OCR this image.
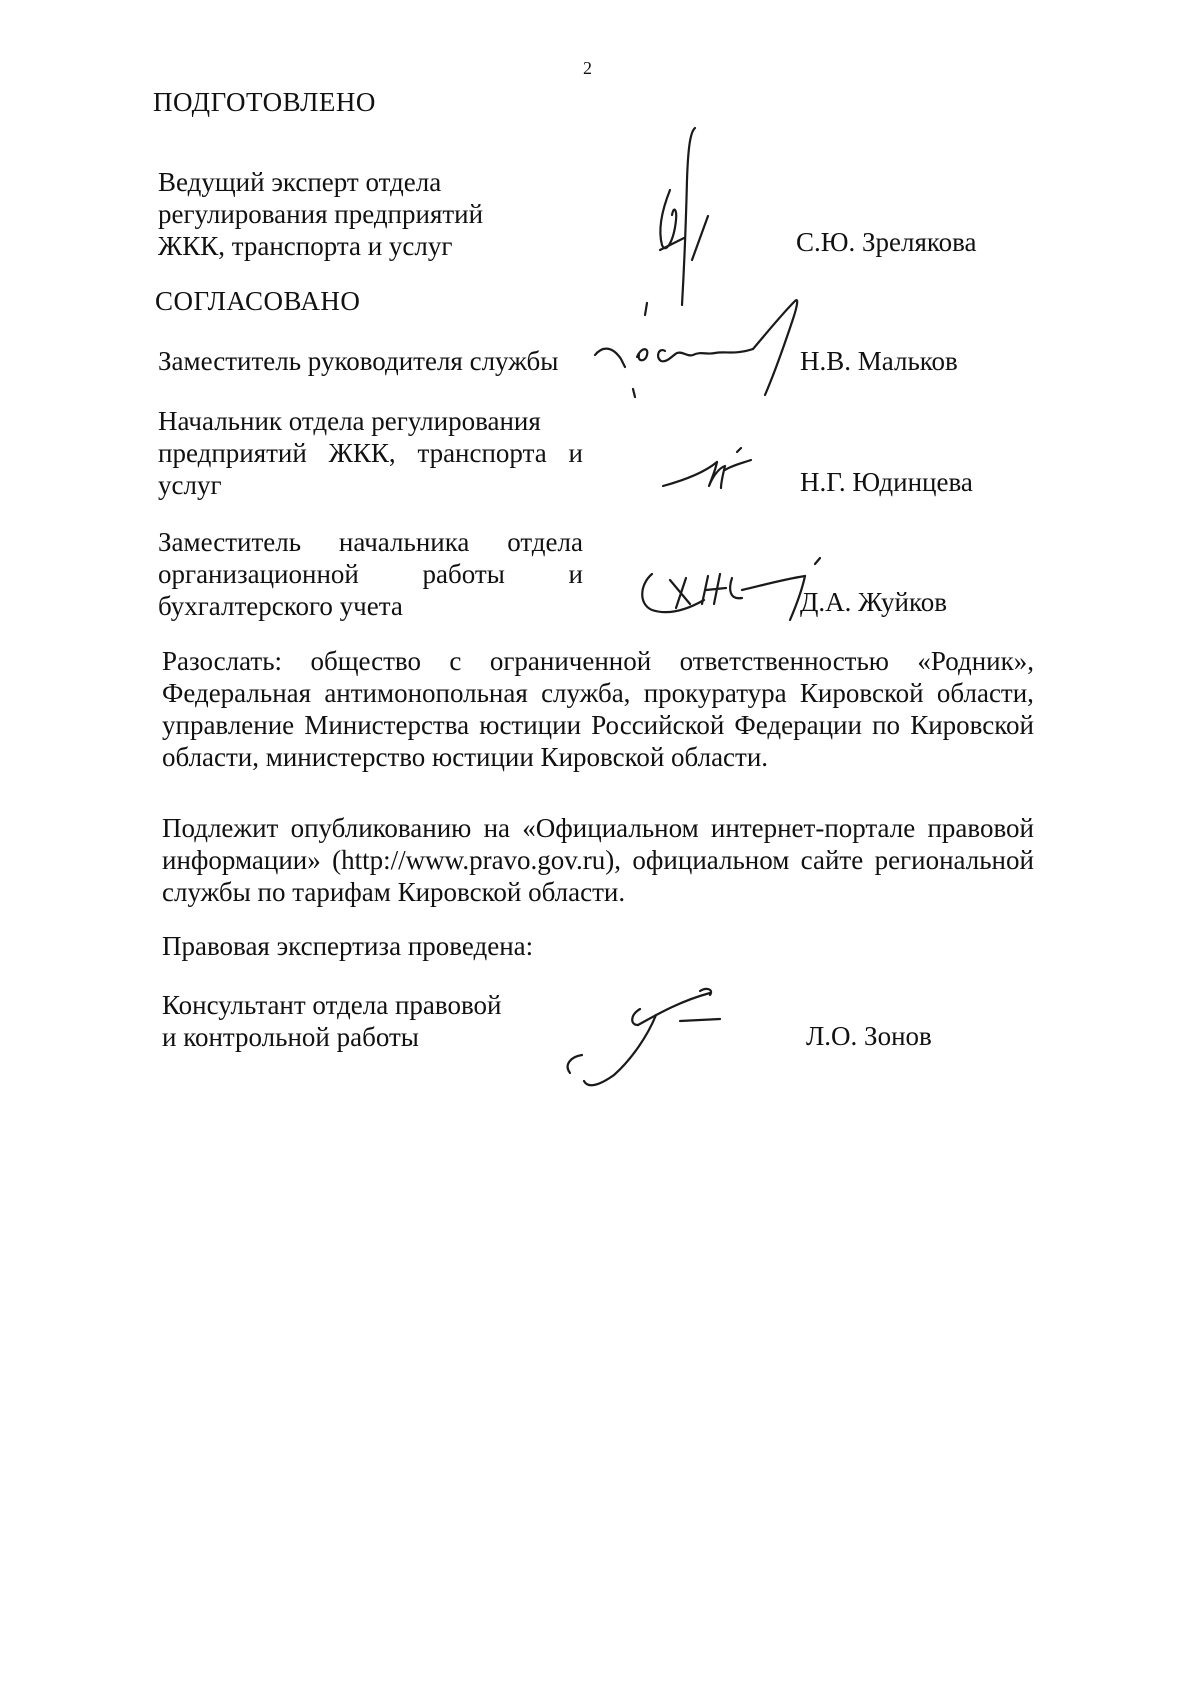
2
ПОДГОТОВЛЕНО
Ведущий эксперт отдела
регулирования предприятий
ЖКК, транспорта и услуг	С.Ю. Зрелякова
СОГЛАСОВАНО
Заместитель руководителя службы	Н.В. Мальков
Начальник отдела регулирования
предприятий ЖКК, транспорта и
услуг	Н.Г. Юдинцева
Заместитель начальника отдела
организационной работы и
бухгалтерского учета	Д.А. Жуйков
Разослать: общество с ограниченной ответственностью «Родник»,
Федеральная антимонопольная служба, прокуратура Кировской области,
управление Министерства юстиции Российской Федерации по Кировской
области, министерство юстиции Кировской области.
Подлежит опубликованию на «Официальном интернет-портале правовой
информации» (http://www.pravo.gov.ru), официальном сайте региональной
службы по тарифам Кировской области.
Правовая экспертиза проведена:
Консультант отдела правовой
и контрольной работы	Л.О. Зонов
